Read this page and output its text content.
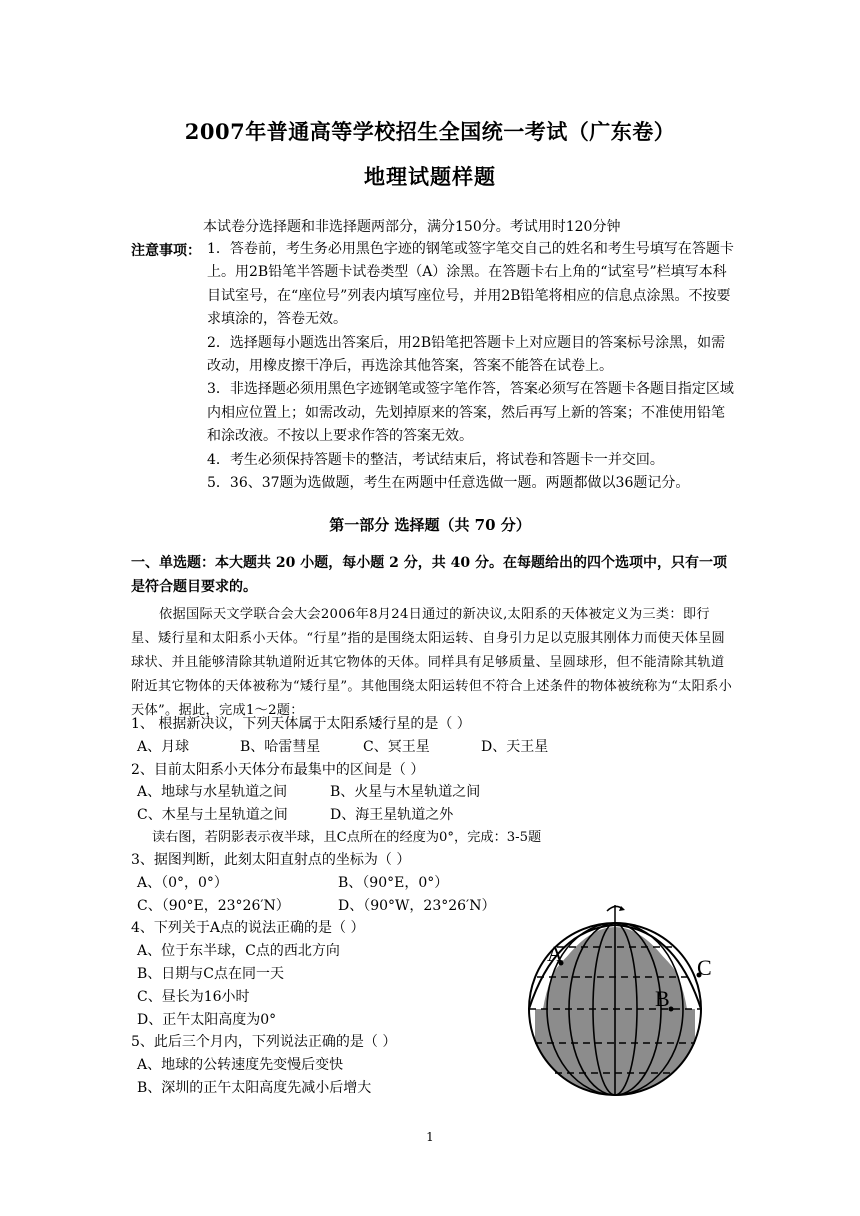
2007年普通高等学校招生全国统一考试（广东卷）
地理试题样题
本试卷分选择题和非选择题两部分，满分150分。考试用时120分钟
注意事项： 1．答卷前，考生务必用黑色字迹的钢笔或签字笔交自己的姓名和考生号填写在答题卡上。用2B铅笔半答题卡试卷类型（A）涂黑。在答题卡右上角的“试室号”栏填写本科目试室号，在“座位号”列表内填写座位号，并用2B铅笔将相应的信息点涂黑。不按要求填涂的，答卷无效。

2．选择题每小题选出答案后，用2B铅笔把答题卡上对应题目的答案标号涂黑，如需改动，用橡皮擦干净后，再选涂其他答案，答案不能答在试卷上。

3．非选择题必须用黑色字迹钢笔或签字笔作答，答案必须写在答题卡各题目指定区域内相应位置上；如需改动，先划掉原来的答案，然后再写上新的答案；不准使用铅笔和涂改液。不按以上要求作答的答案无效。

4．考生必须保持答题卡的整洁，考试结束后，将试卷和答题卡一并交回。

5．36、37题为选做题，考生在两题中任意选做一题。两题都做以36题记分。

第一部分 选择题（共 70 分）
一、单选题：本大题共 20 小题，每小题 2 分，共 40 分。在每题给出的四个选项中，只有一项是符合题目要求的。
依据国际天文学联合会大会2006年8月24日通过的新决议,太阳系的天体被定义为三类：即行星、矮行星和太阳系小天体。“行星”指的是围绕太阳运转、自身引力足以克服其刚体力而使天体呈圆球状、并且能够清除其轨道附近其它物体的天体。同样具有足够质量、呈圆球形，但不能清除其轨道附近其它物体的天体被称为“矮行星”。其他围绕太阳运转但不符合上述条件的物体被统称为“太阳系小天体”。据此，完成1～2题：
1、 根据新决议，下列天体属于太阳系矮行星的是（ ）
A、月球	B、哈雷彗星	C、冥王星	D、天王星
2、目前太阳系小天体分布最集中的区间是（ ）
A、地球与水星轨道之间	B、火星与木星轨道之间
C、木星与土星轨道之间	D、海王星轨道之外
读右图，若阴影表示夜半球，且C点所在的经度为0°，完成：3-5题
3、据图判断，此刻太阳直射点的坐标为（ ）
A、（0°，0°）	B、（90°E，0°）
C、（90°E，23°26′N）	D、（90°W，23°26′N）
4、下列关于A点的说法正确的是（ ）
A、位于东半球，C点的西北方向
B、日期与C点在同一天
C、昼长为16小时
D、正午太阳高度为0°
5、此后三个月内，下列说法正确的是（ ）
A、地球的公转速度先变慢后变快
B、深圳的正午太阳高度先减小后增大
A
B
C
1
